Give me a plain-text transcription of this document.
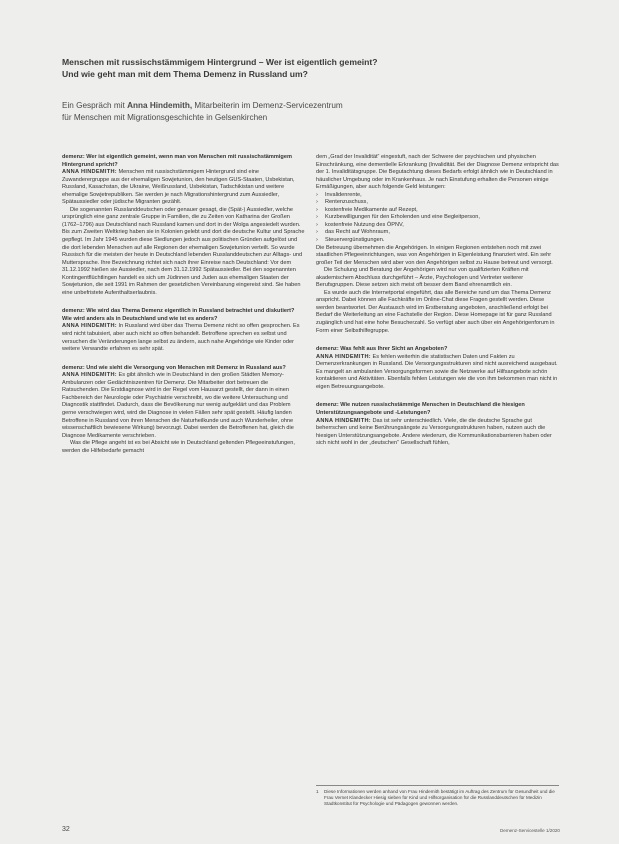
Menschen mit russischstämmigem Hintergrund – Wer ist eigentlich gemeint?
Und wie geht man mit dem Thema Demenz in Russland um?
Ein Gespräch mit Anna Hindemith, Mitarbeiterin im Demenz-Servicezentrum
für Menschen mit Migrationsgeschichte in Gelsenkirchen

demenz: Wer ist eigentlich gemeint, wenn man von Menschen mit russischstämmigem Hintergrund spricht?

ANNA HINDEMITH: Menschen mit russischstämmigem Hintergrund sind eine Zuwanderergruppe aus der ehemaligen Sowjetunion, den heutigen GUS-Staaten, Usbekistan, Russland, Kasachstan, die Ukraine, Weißrussland, Usbekistan, Tadschikistan und weitere ehemalige Sowjetrepubliken. Sie werden je nach Migrationshintergrund zum Aussiedler, Spätaussiedler oder jüdische Migranten gezählt.

Die sogenannten Russlanddeutschen oder genauer gesagt, die (Spät-) Aussiedler, welche ursprünglich eine ganz zentrale Gruppe in Familien, die zu Zeiten von Katharina der Großen (1762–1796) aus Deutschland nach Russland kamen und dort in der Wolga angesiedelt wurden. Bis zum Zweiten Weltkrieg haben sie in Kolonien gelebt und dort die deutsche Kultur und Sprache gepflegt. Im Jahr 1945 wurden diese Siedlungen jedoch aus politischen Gründen aufgelöst und die dort lebenden Menschen auf alle Regionen der ehemaligen Sowjetunion verteilt. So wurde Russisch für die meisten der heute in Deutschland lebenden Russlanddeutschen zur Alltags- und Muttersprache. Ihre Bezeichnung richtet sich nach ihrer Einreise nach Deutschland: Vor dem 31.12.1992 hießen sie Aussiedler, nach dem 31.12.1992 Spätaussiedler. Bei den sogenannten Kontingentflüchtlingen handelt es sich um Jüdinnen und Juden aus ehemaligen Staaten der Sowjetunion, die seit 1991 im Rahmen der gesetzlichen Vereinbarung eingereist sind. Sie haben eine unbefristete Aufenthaltserlaubnis.

demenz: Wie wird das Thema Demenz eigentlich in Russland betrachtet und diskutiert? Wie wird anders als in Deutschland und wie ist es anders?

ANNA HINDEMITH: In Russland wird über das Thema Demenz nicht so offen gesprochen. Es wird nicht tabuisiert, aber auch nicht so offen behandelt. Betroffene sprechen es selbst und versuchen die Veränderungen lange selbst zu ändern, auch nahe Angehörige wie Kinder oder weitere Verwandte erfahren es sehr spät.

demenz: Und wie sieht die Versorgung von Menschen mit Demenz in Russland aus?

ANNA HINDEMITH: Es gibt ähnlich wie in Deutschland in den großen Städten Memory-Ambulanzen oder Gedächtniszentren für Demenz. Die Mitarbeiter dort betreuen die Ratsuchenden. Die Erstdiagnose wird in der Regel vom Hausarzt gestellt, der dann in einen Fachbereich der Neurologie oder Psychiatrie verschreibt, wo die weitere Untersuchung und Diagnostik stattfindet. Dadurch, dass die Bevölkerung nur wenig aufgeklärt und das Problem gerne verschwiegen wird, wird die Diagnose in vielen Fällen sehr spät gestellt. Häufig landen Betroffene in Russland von ihren Menschen die Naturheilkunde und auch Wunderheiler, ohne wissenschaftlich bewiesene Wirkung) bevorzugt. Dabei werden die Betroffenen hat, gleich die Diagnose Medikamente verschrieben.

Was die Pflege angeht ist es bei Absicht wie in Deutschland geltenden Pflegeeinstufungen, werden die Hilfebedarfe gemacht

dem „Grad der Invalidität“ eingestuft, nach der Schwere der psychischen und physischen Einschränkung, eine dementielle Erkrankung (Invalidität. Bei der Diagnose Demenz entspricht das der 1. Invaliditätsgruppe. Die Begutachtung dieses Bedarfs erfolgt ähnlich wie in Deutschland in häuslicher Umgebung oder im Krankenhaus. Je nach Einstufung erhalten die Personen einige Ermäßigungen, aber auch folgende Geld leistungen:

› Invalidenrente,
› Rentenzuschuss,
› kostenfreie Medikamente auf Rezept,
› Kurzbewilligungen für den Erholenden und eine Begleitperson,
› kostenfreie Nutzung des ÖPNV,
› das Recht auf Wohnraum,
› Steuervergünstigungen.

Die Betreuung übernehmen die Angehörigen. In einigen Regionen entstehen noch mit zwei staatlichen Pflegeeinrichtungen, was von Angehörigen in Eigenleistung finanziert wird. Ein sehr großer Teil der Menschen wird aber von den Angehörigen selbst zu Hause betreut und versorgt.

Die Schulung und Beratung der Angehörigen wird nur von qualifizierten Kräften mit akademischem Abschluss durchgeführt – Ärzte, Psychologen und Vertreter weiterer Berufsgruppen. Diese setzen sich meist oft besser dem Band ehrenamtlich ein.

Es wurde auch die Internetportal eingeführt, das alle Bereiche rund um das Thema Demenz anspricht. Dabei können alle Fachkräfte im Online-Chat diese Fragen gestellt werden. Diese werden beantwortet. Der Austausch wird im Erstberatung angeboten, anschließend erfolgt bei Bedarf die Weiterleitung an eine Fachstelle der Region. Diese Homepage ist für ganz Russland zugänglich und hat eine hohe Besucherzahl. So verfügt aber auch über ein Angehörigenforum in Form einer Selbsthilfegruppe.

demenz: Was fehlt aus Ihrer Sicht an Angeboten?

ANNA HINDEMITH: Es fehlen weiterhin die statistischen Daten und Fakten zu Demenzerkrankungen in Russland. Die Versorgungsstrukturen sind nicht ausreichend ausgebaut. Es mangelt an ambulanten Versorgungsformen sowie die Netzwerke auf Hilfsangebote schön kontaktieren und Aktivitäten. Ebenfalls fehlen Leistungen wie die von ihm bekommen man nicht in eigen Betreuungsangebote.

demenz: Wie nutzen russischstämmige Menschen in Deutschland die hiesigen Unterstützungsangebote und -Leistungen?

ANNA HINDEMITH: Das ist sehr unterschiedlich. Viele, die die deutsche Sprache gut beherrschen und keine Berührungsängste zu Versorgungsstrukturen haben, nutzen auch die hiesigen Unterstützungsangebote. Andere wiederum, die Kommunikationsbarrieren haben oder sich nicht wohl in der „deutschen“ Gesellschaft fühlen,

1	Diese Informationen werden anhand von Frau Hindemith bestätigt im Auftrag des Zentrum für Gesundheit und die Frau Vernet Klandecker Hiesig sieben für Kind und Hilfsorganisation für die Russlanddeutschen für Medizin Stadtkonstitut für Psychologie und Pädagogen gewonnen werden.
32	Demenz-Servicestelle 1/2020
